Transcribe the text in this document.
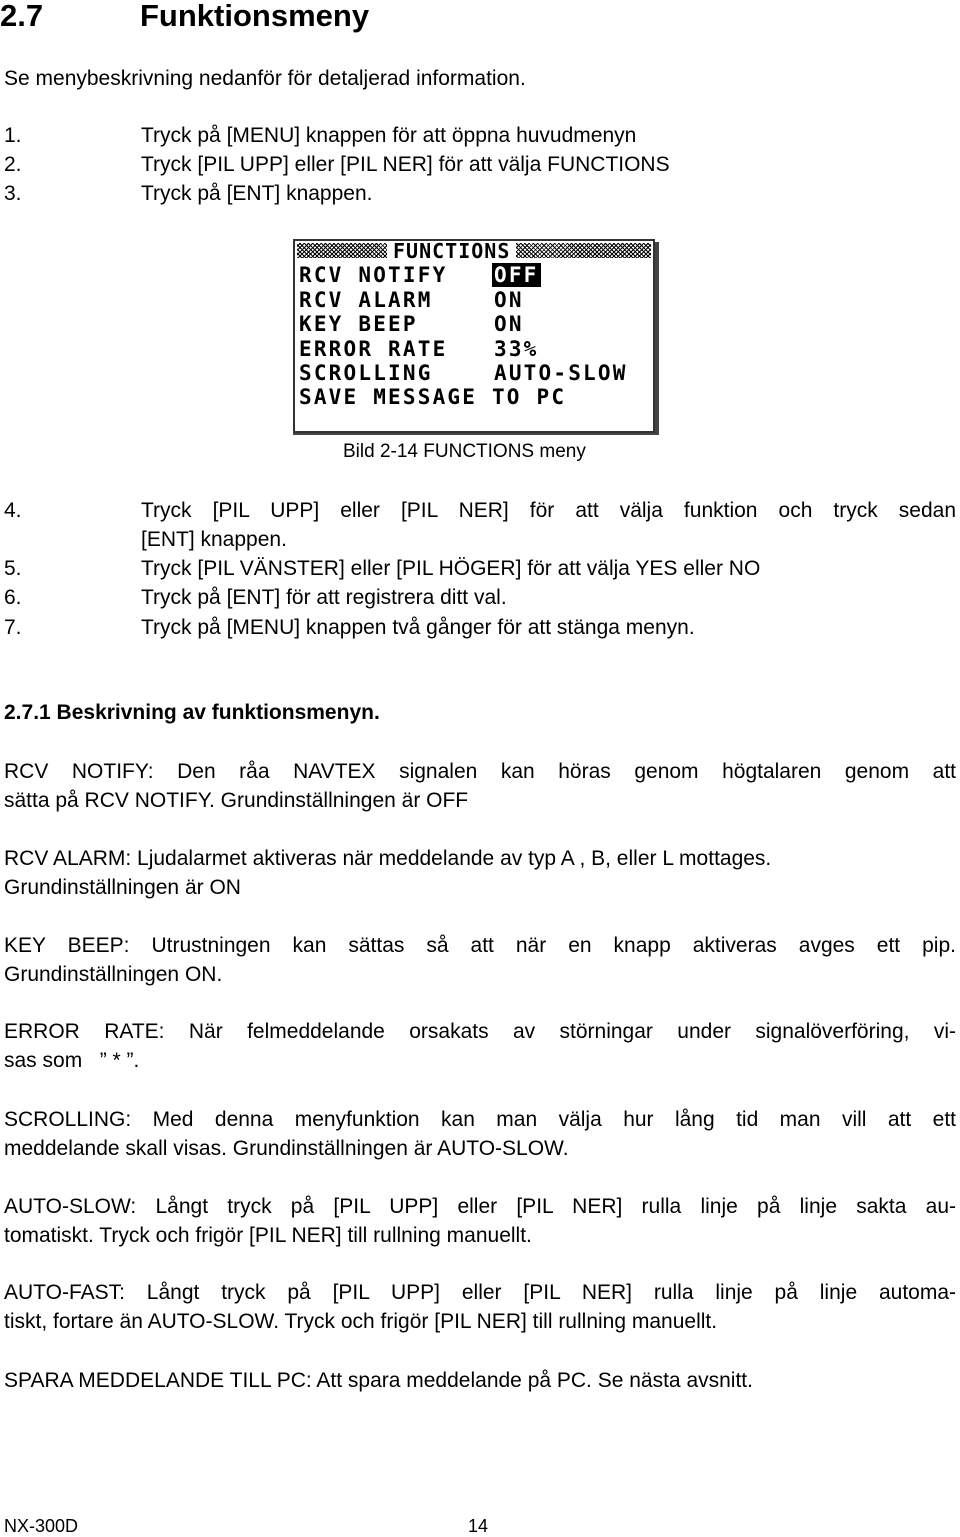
2.7	Funktionsmeny
Se menybeskrivning nedanför för detaljerad information.
1.	Tryck på [MENU] knappen för att öppna huvudmenyn
2.	Tryck [PIL UPP] eller [PIL NER] för att välja FUNCTIONS
3.	Tryck på [ENT] knappen.
FUNCTIONS
RCV NOTIFY OFF
RCV ALARM	ON
KEY BEEP	ON
ERROR RATE 33%
SCROLLING	AUTO-SLOW
SAVE MESSAGE TO PC
Bild 2-14 FUNCTIONS meny
4.	Tryck [PIL UPP] eller [PIL NER] för att välja funktion och tryck sedan
[ENT] knappen.
5.	Tryck [PIL VÄNSTER] eller [PIL HÖGER] för att välja YES eller NO
6.	Tryck på [ENT] för att registrera ditt val.
7.	Tryck på [MENU] knappen två gånger för att stänga menyn.
2.7.1 Beskrivning av funktionsmenyn.
RCV NOTIFY: Den råa NAVTEX signalen kan höras genom högtalaren genom att
sätta på RCV NOTIFY. Grundinställningen är OFF
RCV ALARM: Ljudalarmet aktiveras när meddelande av typ A , B, eller L mottages.
Grundinställningen är ON
KEY BEEP: Utrustningen kan sättas så att när en knapp aktiveras avges ett pip.
Grundinställningen ON.
ERROR RATE: När felmeddelande orsakats av störningar under signalöverföring, vi-
sas som   ” * ”.
SCROLLING: Med denna menyfunktion kan man välja hur lång tid man vill att ett
meddelande skall visas. Grundinställningen är AUTO-SLOW.
AUTO-SLOW: Långt tryck på [PIL UPP] eller [PIL NER] rulla linje på linje sakta au-
tomatiskt. Tryck och frigör [PIL NER] till rullning manuellt.
AUTO-FAST: Långt tryck på [PIL UPP] eller [PIL NER] rulla linje på linje automa-
tiskt, fortare än AUTO-SLOW. Tryck och frigör [PIL NER] till rullning manuellt.
SPARA MEDDELANDE TILL PC: Att spara meddelande på PC. Se nästa avsnitt.
NX-300D	14
